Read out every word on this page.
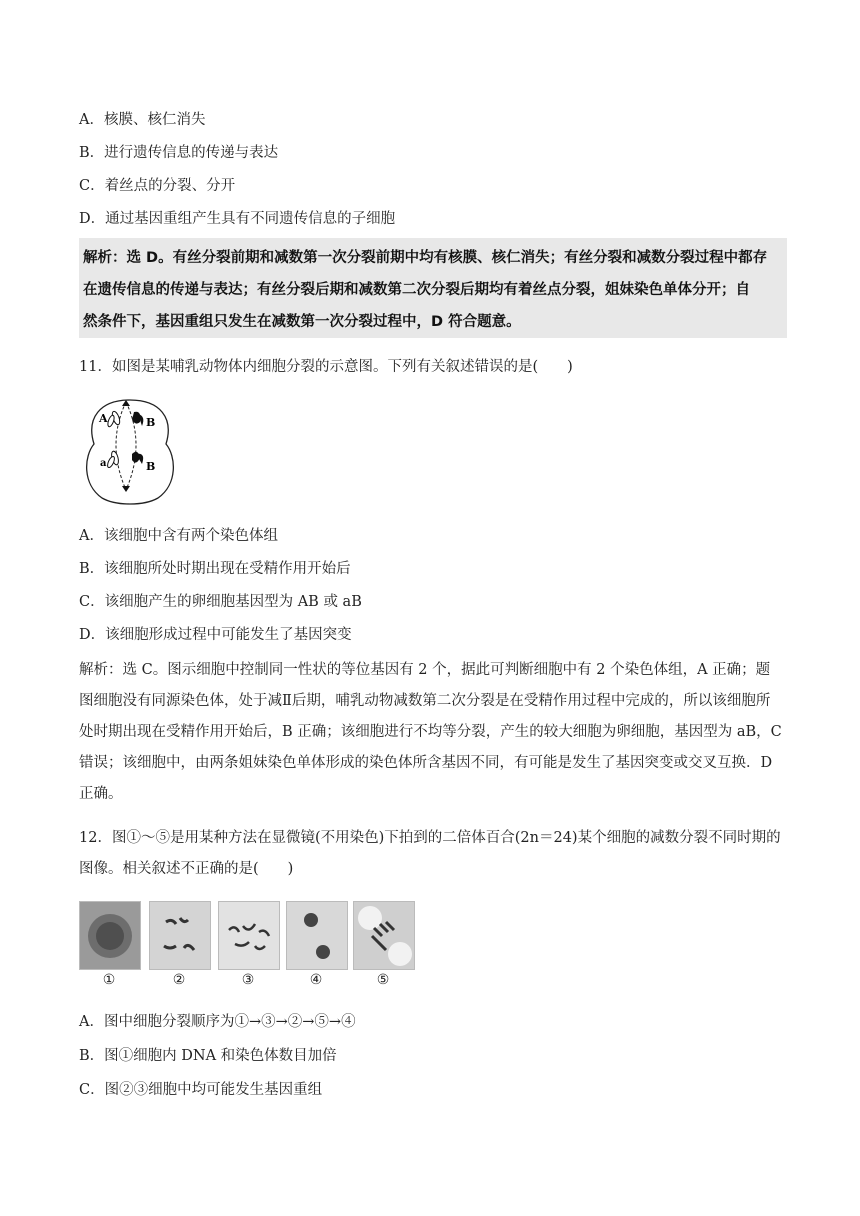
A．核膜、核仁消失
B．进行遗传信息的传递与表达
C．着丝点的分裂、分开
D．通过基因重组产生具有不同遗传信息的子细胞

解析：选 D。有丝分裂前期和减数第一次分裂前期中均有核膜、核仁消失；有丝分裂和减数分裂过程中都存

在遗传信息的传递与表达；有丝分裂后期和减数第二次分裂后期均有着丝点分裂，姐妹染色单体分开；自

然条件下，基因重组只发生在减数第一次分裂过程中，D 符合题意。

11．如图是某哺乳动物体内细胞分裂的示意图。下列有关叙述错误的是(　　)
A	B
a	B
A．该细胞中含有两个染色体组
B．该细胞所处时期出现在受精作用开始后
C．该细胞产生的卵细胞基因型为 AB 或 aB
D．该细胞形成过程中可能发生了基因突变
解析：选 C。图示细胞中控制同一性状的等位基因有 2 个，据此可判断细胞中有 2 个染色体组，A 正确；题图细胞没有同源染色体，处于减Ⅱ后期，哺乳动物减数第二次分裂是在受精作用过程中完成的，所以该细胞所处时期出现在受精作用开始后，B 正确；该细胞进行不均等分裂，产生的较大细胞为卵细胞，基因型为 aB，C 错误；该细胞中，由两条姐妹染色单体形成的染色体所含基因不同，有可能是发生了基因突变或交叉互换．D 正确。
12．图①～⑤是用某种方法在显微镜(不用染色)下拍到的二倍体百合(2n＝24)某个细胞的减数分裂不同时期的图像。相关叙述不正确的是(　　)
①	②	③	④	⑤
A．图中细胞分裂顺序为①→③→②→⑤→④
B．图①细胞内 DNA 和染色体数目加倍
C．图②③细胞中均可能发生基因重组
